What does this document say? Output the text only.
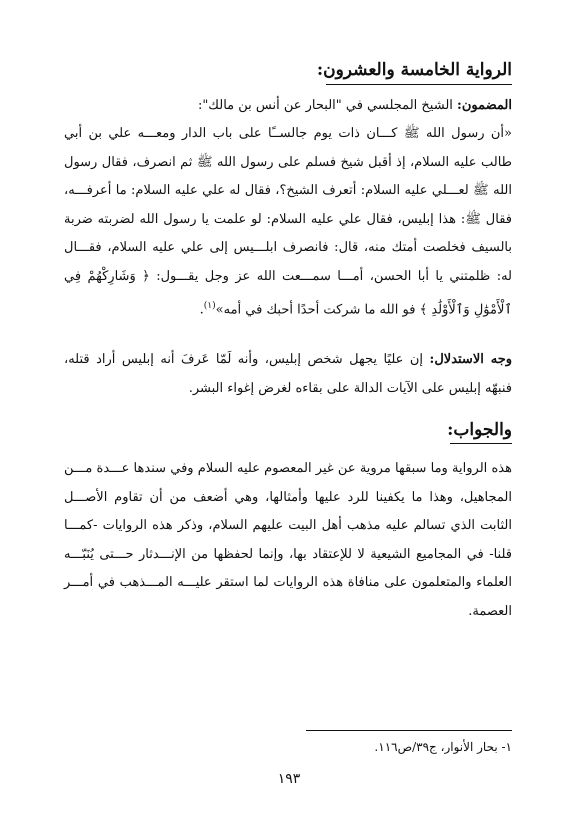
الرواية الخامسة والعشرون:
المضمون: الشيخ المجلسي في "البحار عن أنس بن مالك":
«أن رسول الله ﷺ كـــان ذات يوم جالســًا على باب الدار ومعـــه علي بن أبي طالب عليه السلام، إذ أقبل شيخ فسلم على رسول الله ﷺ ثم انصرف، فقال رسول الله ﷺ لعـــلي عليه السلام: أتعرف الشيخ؟، فقال له علي عليه السلام: ما أعرفـــه، فقال ﷺ: هذا إبليس، فقال علي عليه السلام: لو علمت يا رسول الله لضربته ضربة بالسيف فخلصت أمتك منه، قال: فانصرف ابلـــيس إلى علي عليه السلام، فقـــال له: ظلمتني يا أبا الحسن، أمـــا سمـــعت الله عز وجل يقـــول: ﴿ وَشَارِكْهُمْ فِي ٱلْأَمْوَٰلِ وَٱلْأَوْلَٰدِ ﴾ فو الله ما شركت أحدًا أحبك في أمه»$^{(١)}$.
وجه الاستدلال: إن عليًا يجهل شخص إبليس، وأنه لَمّا عَرفَ أنه إبليس أراد قتله، فنبهّه إبليس على الآيات الدالة على بقاءه لغرض إغواء البشر.
والجواب:
هذه الرواية وما سبقها مروية عن غير المعصوم عليه السلام وفي سندها عـــدة مـــن المجاهيل، وهذا ما يكفينا للرد عليها وأمثالها، وهي أضعف من أن تقاوم الأصـــل الثابت الذي تسالم عليه مذهب أهل البيت عليهم السلام، وذكر هذه الروايات -كمـــا قلنا- في المجاميع الشيعية لا للإعتقاد بها، وإنما لحفظها من الإنـــدثار حـــتى يُنَبّـــه العلماء والمتعلمون على منافاة هذه الروايات لما استقر عليـــه المـــذهب في أمـــر العصمة.
١- بحار الأنوار، ج٣٩/ص١١٦.
١٩٣
